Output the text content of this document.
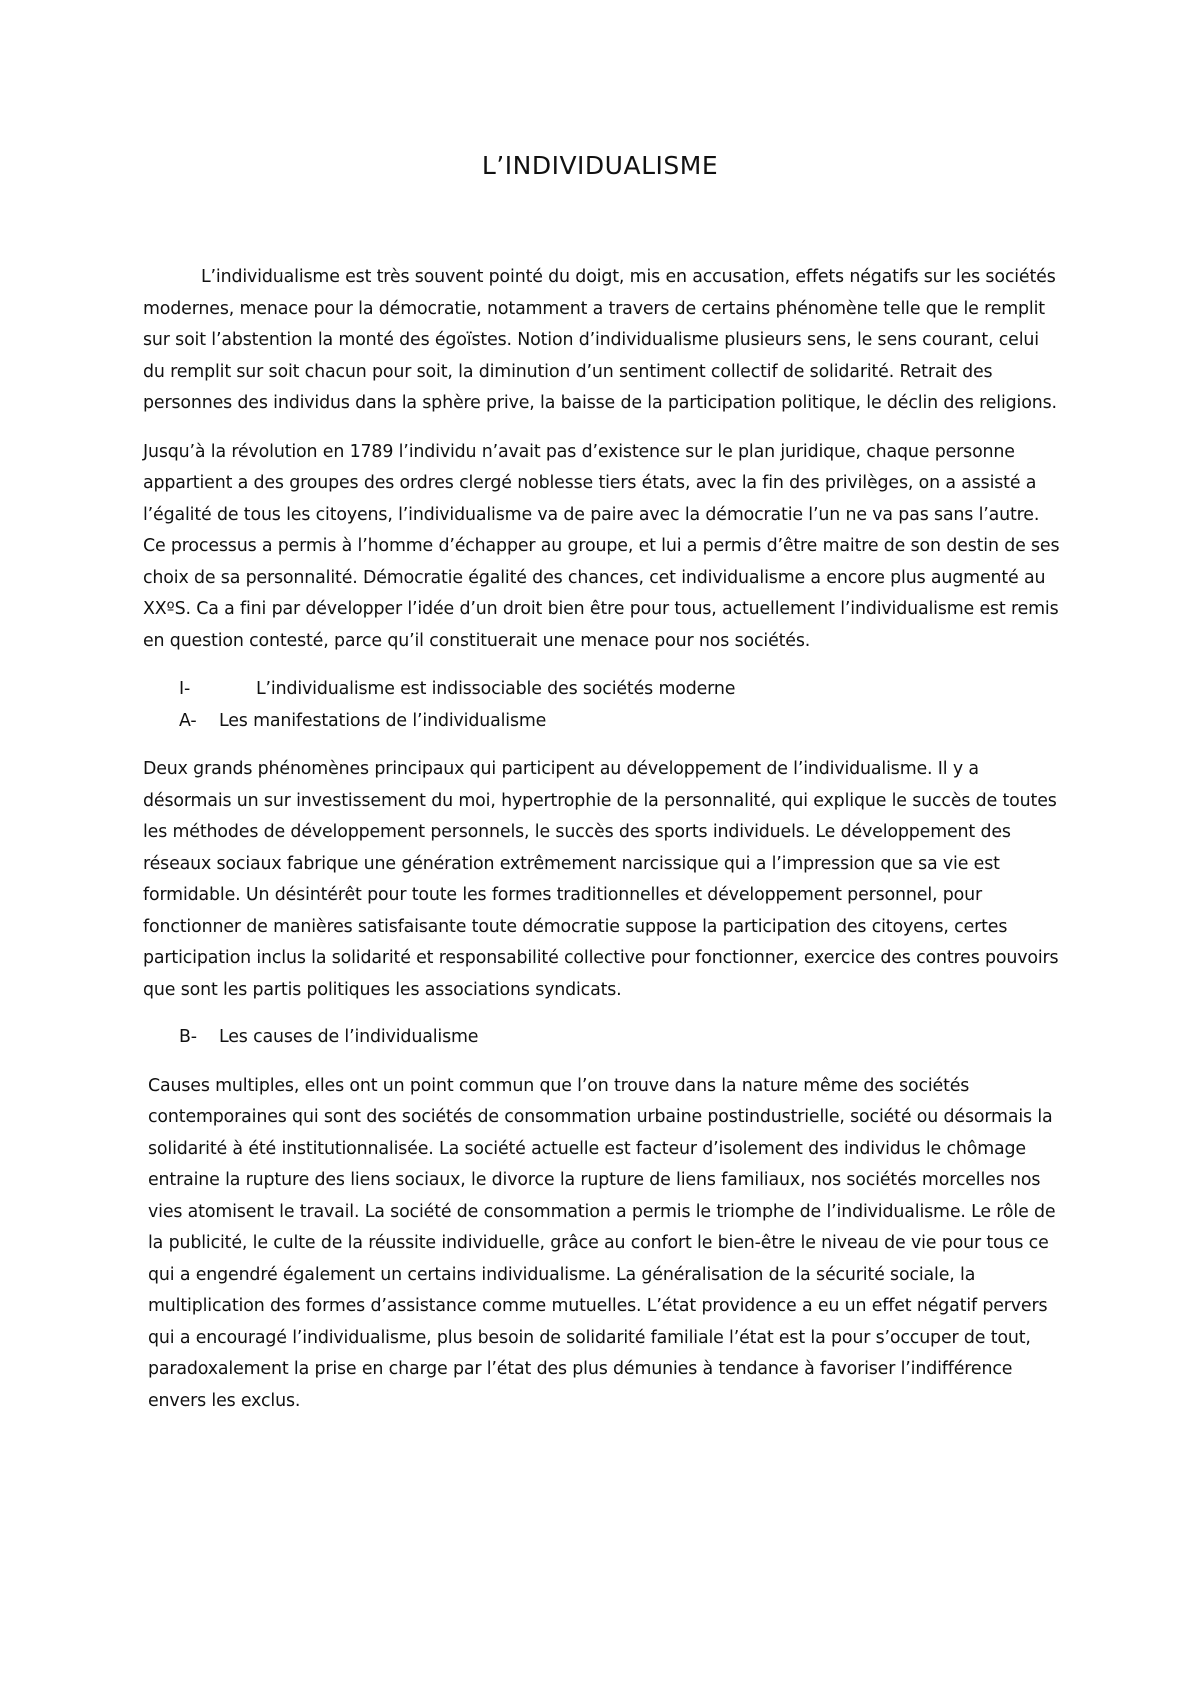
L’INDIVIDUALISME

L’individualisme est très souvent pointé du doigt, mis en accusation, effets négatifs sur les sociétés modernes, menace pour la démocratie, notamment a travers de certains phénomène telle que le remplit sur soit l’abstention la monté des égoïstes. Notion d’individualisme plusieurs sens, le sens courant, celui du remplit sur soit chacun pour soit, la diminution d’un sentiment collectif de solidarité. Retrait des personnes des individus dans la sphère prive, la baisse de la participation politique, le déclin des religions.

Jusqu’à la révolution en 1789 l’individu n’avait pas d’existence sur le plan juridique, chaque personne appartient a des groupes des ordres clergé noblesse tiers états, avec la fin des privilèges, on a assisté a l’égalité de tous les citoyens, l’individualisme va de paire avec la démocratie l’un ne va pas sans l’autre. Ce processus a permis à l’homme d’échapper au groupe, et lui a permis d’être maitre de son destin de ses choix de sa personnalité. Démocratie égalité des chances, cet individualisme a encore plus augmenté au XXºS. Ca a fini par développer l’idée d’un droit bien être pour tous, actuellement l’individualisme est remis en question contesté, parce qu’il constituerait une menace pour nos sociétés.

I-	L’individualisme est indissociable des sociétés moderne
A-	Les manifestations de l’individualisme

Deux grands phénomènes principaux qui participent au développement de l’individualisme. Il y a désormais un sur investissement du moi, hypertrophie de la personnalité, qui explique le succès de toutes les méthodes de développement personnels, le succès des sports individuels. Le développement des réseaux sociaux fabrique une génération extrêmement narcissique qui a l’impression que sa vie est formidable. Un désintérêt pour toute les formes traditionnelles et développement personnel, pour fonctionner de manières satisfaisante toute démocratie suppose la participation des citoyens, certes participation inclus la solidarité et responsabilité collective pour fonctionner, exercice des contres pouvoirs que sont les partis politiques les associations syndicats.

B-	Les causes de l’individualisme

Causes multiples, elles ont un point commun que l’on trouve dans la nature même des sociétés contemporaines qui sont des sociétés de consommation urbaine postindustrielle, société ou désormais la solidarité à été institutionnalisée. La société actuelle est facteur d’isolement des individus le chômage entraine la rupture des liens sociaux, le divorce la rupture de liens familiaux, nos sociétés morcelles nos vies atomisent le travail. La société de consommation a permis le triomphe de l’individualisme. Le rôle de la publicité, le culte de la réussite individuelle, grâce au confort le bien-être le niveau de vie pour tous ce qui a engendré également un certains individualisme. La généralisation de la sécurité sociale, la multiplication des formes d’assistance comme mutuelles. L’état providence a eu un effet négatif pervers qui a encouragé l’individualisme, plus besoin de solidarité familiale l’état est la pour s’occuper de tout, paradoxalement la prise en charge par l’état des plus démunies à tendance à favoriser l’indifférence envers les exclus.
